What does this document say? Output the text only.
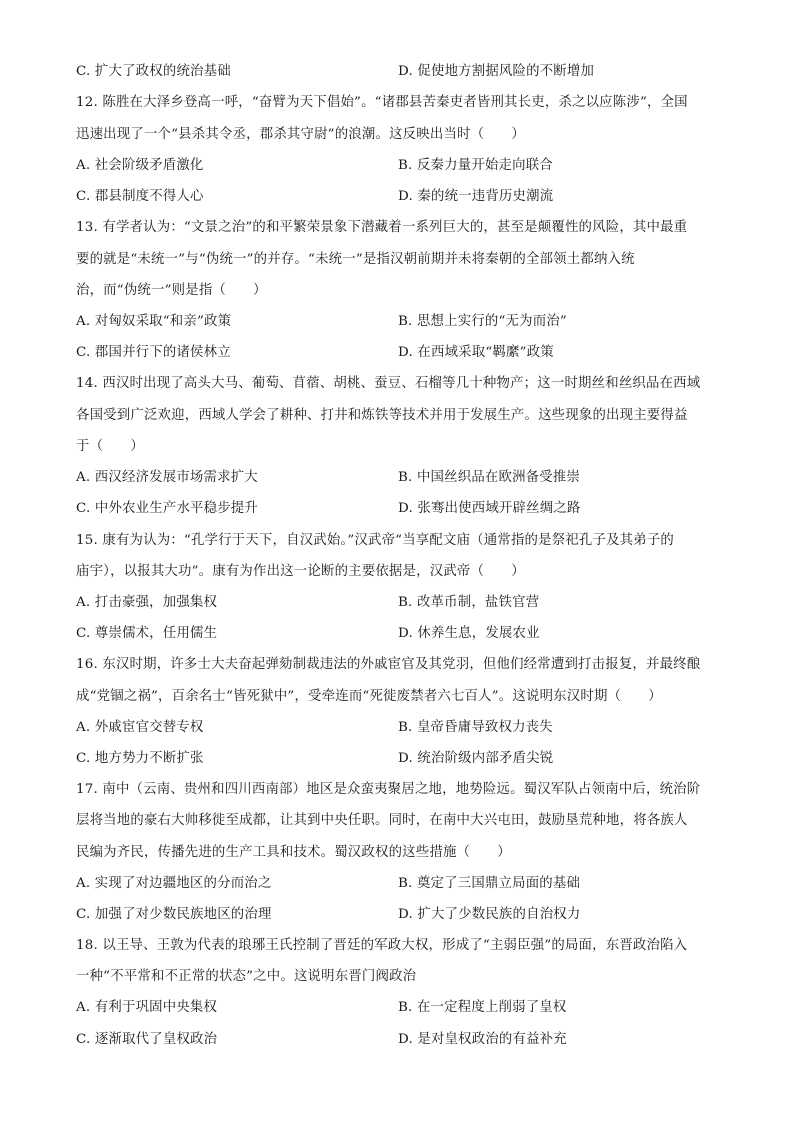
C. 扩大了政权的统治基础	D. 促使地方割据风险的不断增加
12. 陈胜在大泽乡登高一呼，“奋臂为天下倡始”。“诸郡县苦秦吏者皆刑其长吏，杀之以应陈涉”，全国
迅速出现了一个“县杀其令丞，郡杀其守尉”的浪潮。这反映出当时（　　）
A. 社会阶级矛盾激化	B. 反秦力量开始走向联合
C. 郡县制度不得人心	D. 秦的统一违背历史潮流
13. 有学者认为：“文景之治”的和平繁荣景象下潜藏着一系列巨大的，甚至是颠覆性的风险，其中最重
要的就是“未统一”与“伪统一”的并存。“未统一”是指汉朝前期并未将秦朝的全部领土都纳入统
治，而“伪统一”则是指（　　）
A. 对匈奴采取“和亲”政策	B. 思想上实行的“无为而治”
C. 郡国并行下的诸侯林立	D. 在西域采取“羁縻”政策
14. 西汉时出现了高头大马、葡萄、苜蓿、胡桃、蚕豆、石榴等几十种物产；这一时期丝和丝织品在西域
各国受到广泛欢迎，西域人学会了耕种、打井和炼铁等技术并用于发展生产。这些现象的出现主要得益
于（　　）
A. 西汉经济发展市场需求扩大	B. 中国丝织品在欧洲备受推崇
C. 中外农业生产水平稳步提升	D. 张骞出使西域开辟丝绸之路
15. 康有为认为：“孔学行于天下，自汉武始。”汉武帝“当享配文庙（通常指的是祭祀孔子及其弟子的
庙宇），以报其大功”。康有为作出这一论断的主要依据是，汉武帝（　　）
A. 打击豪强，加强集权	B. 改革币制，盐铁官营
C. 尊崇儒术，任用儒生	D. 休养生息，发展农业
16. 东汉时期，许多士大夫奋起弹劾制裁违法的外戚宦官及其党羽，但他们经常遭到打击报复，并最终酿
成“党锢之祸”，百余名士“皆死狱中”，受牵连而“死徙废禁者六七百人”。这说明东汉时期（　　）
A. 外戚宦官交替专权	B. 皇帝昏庸导致权力丧失
C. 地方势力不断扩张	D. 统治阶级内部矛盾尖锐
17. 南中（云南、贵州和四川西南部）地区是众蛮夷聚居之地，地势险远。蜀汉军队占领南中后，统治阶
层将当地的豪右大帅移徙至成都，让其到中央任职。同时，在南中大兴屯田，鼓励垦荒种地，将各族人
民编为齐民，传播先进的生产工具和技术。蜀汉政权的这些措施（　　）
A. 实现了对边疆地区的分而治之	B. 奠定了三国鼎立局面的基础
C. 加强了对少数民族地区的治理	D. 扩大了少数民族的自治权力
18. 以王导、王敦为代表的琅琊王氏控制了晋廷的军政大权，形成了“主弱臣强”的局面，东晋政治陷入
一种“不平常和不正常的状态”之中。这说明东晋门阀政治
A. 有利于巩固中央集权	B. 在一定程度上削弱了皇权
C. 逐渐取代了皇权政治	D. 是对皇权政治的有益补充
